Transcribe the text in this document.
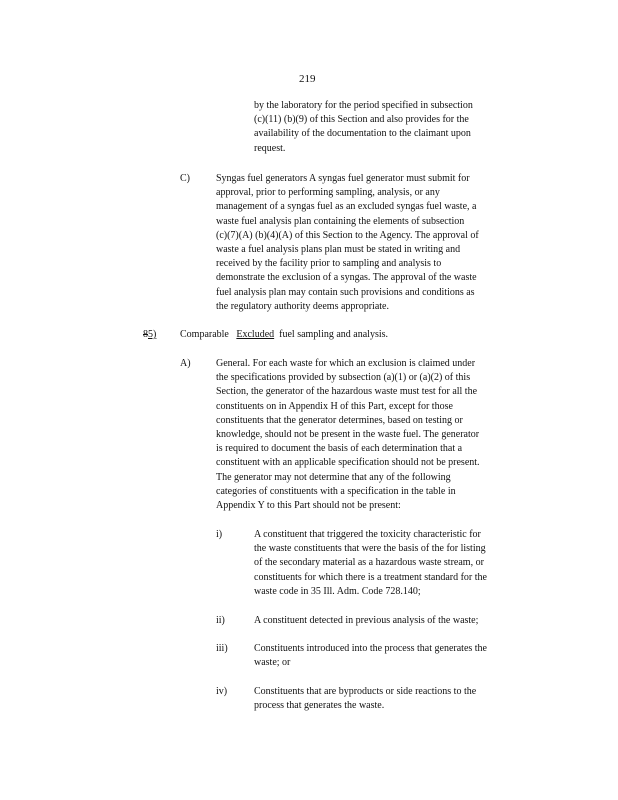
219
by the laboratory for the period specified in subsection
(c)(11) (b)(9) of this Section and also provides for the
availability of the documentation to the claimant upon
request.
C)	Syngas fuel generators A syngas fuel generator must submit for
approval, prior to performing sampling, analysis, or any
management of a syngas fuel as an excluded syngas fuel waste, a
waste fuel analysis plan containing the elements of subsection
(c)(7)(A) (b)(4)(A) of this Section to the Agency. The approval of
waste a fuel analysis plans plan must be stated in writing and
received by the facility prior to sampling and analysis to
demonstrate the exclusion of a syngas. The approval of the waste
fuel analysis plan may contain such provisions and conditions as
the regulatory authority deems appropriate.
85) Comparable Excluded fuel sampling and analysis.
A)	General. For each waste for which an exclusion is claimed under
the specifications provided by subsection (a)(1) or (a)(2) of this
Section, the generator of the hazardous waste must test for all the
constituents on in Appendix H of this Part, except for those
constituents that the generator determines, based on testing or
knowledge, should not be present in the waste fuel. The generator
is required to document the basis of each determination that a
constituent with an applicable specification should not be present.
The generator may not determine that any of the following
categories of constituents with a specification in the table in
Appendix Y to this Part should not be present:
i)	A constituent that triggered the toxicity characteristic for
the waste constituents that were the basis of the for listing
of the secondary material as a hazardous waste stream, or
constituents for which there is a treatment standard for the
waste code in 35 Ill. Adm. Code 728.140;
ii)	A constituent detected in previous analysis of the waste;
iii)	Constituents introduced into the process that generates the
waste; or
iv)	Constituents that are byproducts or side reactions to the
process that generates the waste.
